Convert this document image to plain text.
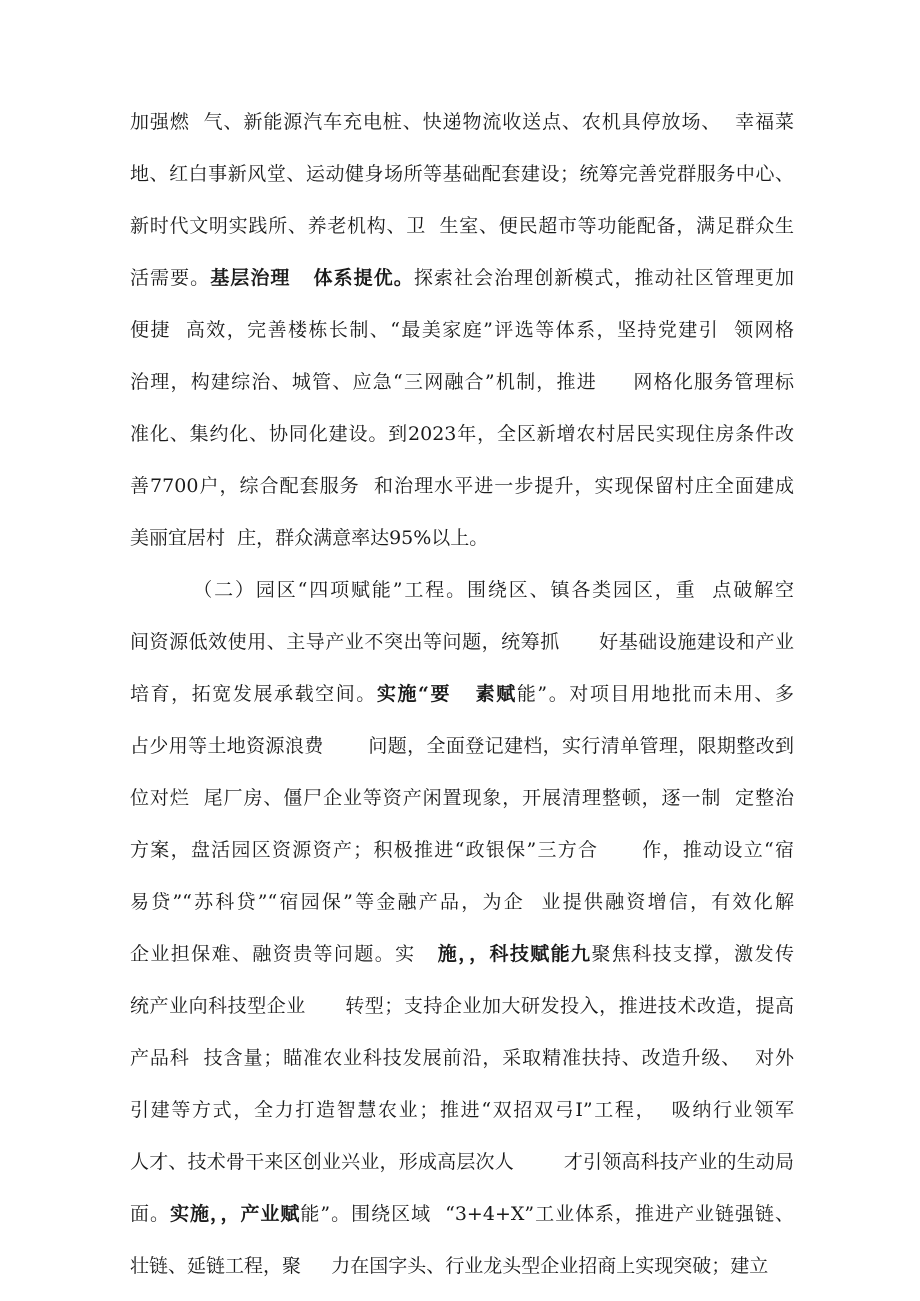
加强燃  气、新能源汽车充电桩、快递物流收送点、农机具停放场、  幸福菜
地、红白事新风堂、运动健身场所等基础配套建设；统筹完善党群服务中心、
新时代文明实践所、养老机构、卫  生室、便民超市等功能配备，满足群众生
活需要。基层治理   体系提优。探索社会治理创新模式，推动社区管理更加
便捷  高效，完善楼栋长制、“最美家庭”评选等体系，坚持党建引  领网格
治理，构建综治、城管、应急“三网融合”机制，推进     网格化服务管理标
准化、集约化、协同化建设。到2023年，全区新增农村居民实现住房条件改
善7700户，综合配套服务  和治理水平进一步提升，实现保留村庄全面建成
美丽宜居村  庄，群众满意率达95%以上。
（二）园区“四项赋能”工程。围绕区、镇各类园区，重  点破解空
间资源低效使用、主导产业不突出等问题，统筹抓      好基础设施建设和产业
培育，拓宽发展承载空间。实施“要   素赋能”。对项目用地批而未用、多
占少用等土地资源浪费       问题，全面登记建档，实行清单管理，限期整改到
位对烂  尾厂房、僵尸企业等资产闲置现象，开展清理整顿，逐一制  定整治
方案，盘活园区资源资产；积极推进“政银保”三方合      作，推动设立“宿
易贷”“苏科贷”“宿园保”等金融产品，为企  业提供融资增信，有效化解
企业担保难、融资贵等问题。实   施，，科技赋能九聚焦科技支撑，激发传
统产业向科技型企业      转型；支持企业加大研发投入，推进技术改造，提高
产品科  技含量；瞄准农业科技发展前沿，采取精准扶持、改造升级、  对外
引建等方式，全力打造智慧农业；推进“双招双弓I”工程，  吸纳行业领军
人才、技术骨干来区创业兴业，形成高层次人        才引领高科技产业的生动局
面。实施，，产业赋能”。围绕区域  “3+4+X”工业体系，推进产业链强链、
壮链、延链工程，聚     力在国字头、行业龙头型企业招商上实现突破；建立
